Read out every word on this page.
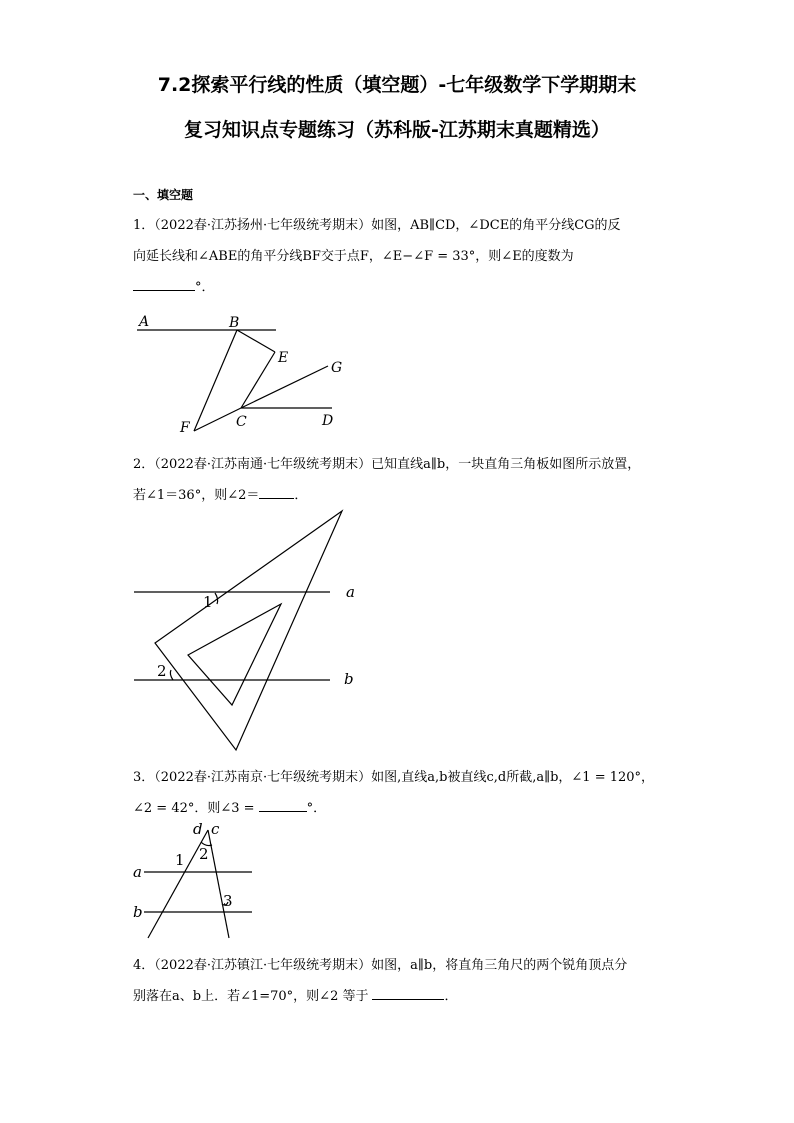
7.2探索平行线的性质（填空题）-七年级数学下学期期末
复习知识点专题练习（苏科版-江苏期末真题精选）
一、填空题
1．（2022春·江苏扬州·七年级统考期末）如图，AB∥CD，∠DCE的角平分线CG的反
向延长线和∠ABE的角平分线BF交于点F，∠E−∠F = 33°，则∠E的度数为
°．
A	B
E
G
C	D
F
2．（2022春·江苏南通·七年级统考期末）已知直线a∥b，一块直角三角板如图所示放置，
若∠1＝36°，则∠2＝	．
a
b
1
2
3．（2022春·江苏南京·七年级统考期末）如图,直线a,b被直线c,d所截,a∥b，∠1 = 120°，
∠2 = 42°．则∠3 =	°．
d c
a
b
1 2
3
4．（2022春·江苏镇江·七年级统考期末）如图，a∥b，将直角三角尺的两个锐角顶点分
别落在a、b上．若∠1=70°，则∠2 等于	．
